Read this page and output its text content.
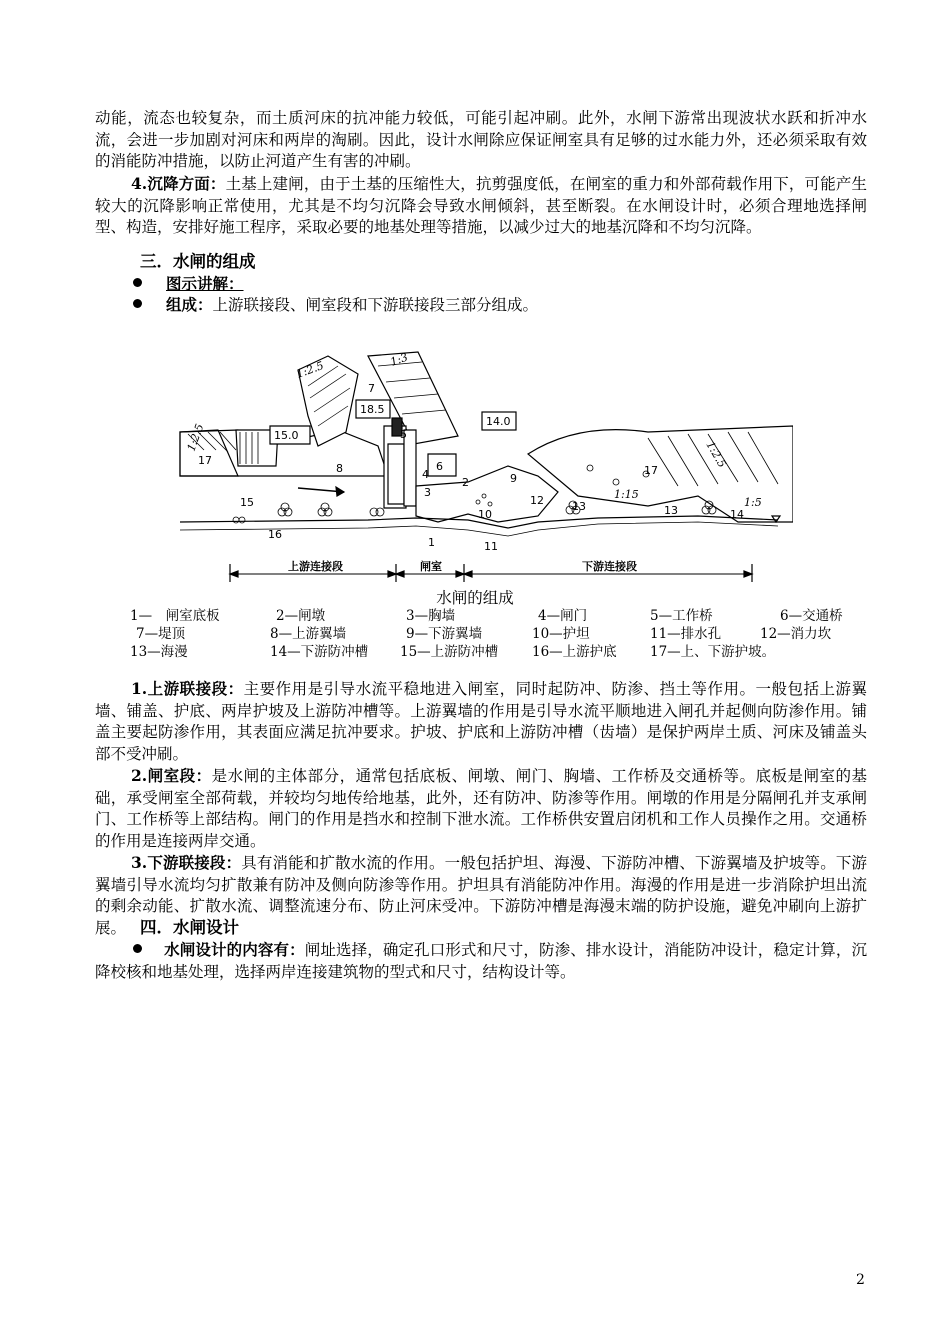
动能，流态也较复杂，而土质河床的抗冲能力较低，可能引起冲刷。此外，水闸下游常出现波状水跃和折冲水流，会进一步加剧对河床和两岸的淘刷。因此，设计水闸除应保证闸室具有足够的过水能力外，还必须采取有效的消能防冲措施，以防止河道产生有害的冲刷。

4.沉降方面：土基上建闸，由于土基的压缩性大，抗剪强度低，在闸室的重力和外部荷载作用下，可能产生较大的沉降影响正常使用，尤其是不均匀沉降会导致水闸倾斜，甚至断裂。在水闸设计时，必须合理地选择闸型、构造，安排好施工程序，采取必要的地基处理等措施，以减少过大的地基沉降和不均匀沉降。

三．水闸的组成

图示讲解：

组成：上游联接段、闸室段和下游联接段三部分组成。

1:2.5	1:3
1:2.5
1:2.5
1:15
1:5
18.5
15.0
14.0
1
2
3
4
5
6
7
8
9
10
11
12	13	13	14
15
16
17
17
上游连接段	闸室	下游连接段

水闸的组成

1—　闸室底板	2—闸墩	3—胸墙	4—闸门	5—工作桥	6—交通桥
7—堤顶	8—上游翼墙	9—下游翼墙	10—护坦	11—排水孔	12—消力坎
13—海漫	14—下游防冲槽 15—上游防冲槽	16—上游护底 17—上、下游护坡。

1.上游联接段：主要作用是引导水流平稳地进入闸室，同时起防冲、防渗、挡土等作用。一般包括上游翼墙、铺盖、护底、两岸护坡及上游防冲槽等。上游翼墙的作用是引导水流平顺地进入闸孔并起侧向防渗作用。铺盖主要起防渗作用，其表面应满足抗冲要求。护坡、护底和上游防冲槽（齿墙）是保护两岸土质、河床及铺盖头部不受冲刷。

2.闸室段：是水闸的主体部分，通常包括底板、闸墩、闸门、胸墙、工作桥及交通桥等。底板是闸室的基础，承受闸室全部荷载，并较均匀地传给地基，此外，还有防冲、防渗等作用。闸墩的作用是分隔闸孔并支承闸门、工作桥等上部结构。闸门的作用是挡水和控制下泄水流。工作桥供安置启闭机和工作人员操作之用。交通桥的作用是连接两岸交通。

3.下游联接段：具有消能和扩散水流的作用。一般包括护坦、海漫、下游防冲槽、下游翼墙及护坡等。下游翼墙引导水流均匀扩散兼有防冲及侧向防渗等作用。护坦具有消能防冲作用。海漫的作用是进一步消除护坦出流的剩余动能、扩散水流、调整流速分布、防止河床受冲。下游防冲槽是海漫末端的防护设施，避免冲刷向上游扩展。 四．水闸设计

水闸设计的内容有：闸址选择，确定孔口形式和尺寸，防渗、排水设计，消能防冲设计，稳定计算，沉降校核和地基处理，选择两岸连接建筑物的型式和尺寸，结构设计等。

2
